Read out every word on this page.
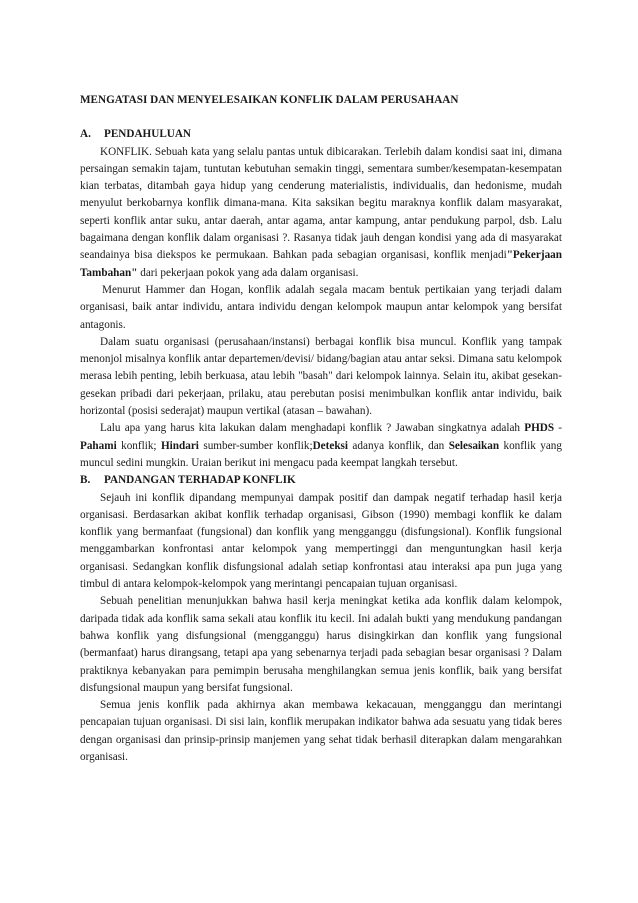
MENGATASI DAN MENYELESAIKAN KONFLIK DALAM PERUSAHAAN

A. PENDAHULUAN

KONFLIK. Sebuah kata yang selalu pantas untuk dibicarakan. Terlebih dalam kondisi saat ini, dimana persaingan semakin tajam, tuntutan kebutuhan semakin tinggi, sementara sumber/kesempatan-kesempatan kian terbatas, ditambah gaya hidup yang cenderung materialistis, individualis, dan hedonisme, mudah menyulut berkobarnya konflik dimana-mana. Kita saksikan begitu maraknya konflik dalam masyarakat, seperti konflik antar suku, antar daerah, antar agama, antar kampung, antar pendukung parpol, dsb. Lalu bagaimana dengan konflik dalam organisasi ?. Rasanya tidak jauh dengan kondisi yang ada di masyarakat seandainya bisa diekspos ke permukaan. Bahkan pada sebagian organisasi, konflik menjadi"Pekerjaan Tambahan" dari pekerjaan pokok yang ada dalam organisasi.

Menurut Hammer dan Hogan, konflik adalah segala macam bentuk pertikaian yang terjadi dalam organisasi, baik antar individu, antara individu dengan kelompok maupun antar kelompok yang bersifat antagonis.

Dalam suatu organisasi (perusahaan/instansi) berbagai konflik bisa muncul. Konflik yang tampak menonjol misalnya konflik antar departemen/devisi/ bidang/bagian atau antar seksi. Dimana satu kelompok merasa lebih penting, lebih berkuasa, atau lebih "basah" dari kelompok lainnya. Selain itu, akibat gesekan-gesekan pribadi dari pekerjaan, prilaku, atau perebutan posisi menimbulkan konflik antar individu, baik horizontal (posisi sederajat) maupun vertikal (atasan – bawahan).

Lalu apa yang harus kita lakukan dalam menghadapi konflik ? Jawaban singkatnya adalah PHDS - Pahami konflik; Hindari sumber-sumber konflik;Deteksi adanya konflik, dan Selesaikan konflik yang muncul sedini mungkin. Uraian berikut ini mengacu pada keempat langkah tersebut.

B. PANDANGAN TERHADAP KONFLIK

Sejauh ini konflik dipandang mempunyai dampak positif dan dampak negatif terhadap hasil kerja organisasi. Berdasarkan akibat konflik terhadap organisasi, Gibson (1990) membagi konflik ke dalam konflik yang bermanfaat (fungsional) dan konflik yang mengganggu (disfungsional). Konflik fungsional menggambarkan konfrontasi antar kelompok yang mempertinggi dan menguntungkan hasil kerja organisasi. Sedangkan konflik disfungsional adalah setiap konfrontasi atau interaksi apa pun juga yang timbul di antara kelompok-kelompok yang merintangi pencapaian tujuan organisasi.

Sebuah penelitian menunjukkan bahwa hasil kerja meningkat ketika ada konflik dalam kelompok, daripada tidak ada konflik sama sekali atau konflik itu kecil. Ini adalah bukti yang mendukung pandangan bahwa konflik yang disfungsional (mengganggu) harus disingkirkan dan konflik yang fungsional (bermanfaat) harus dirangsang, tetapi apa yang sebenarnya terjadi pada sebagian besar organisasi ? Dalam praktiknya kebanyakan para pemimpin berusaha menghilangkan semua jenis konflik, baik yang bersifat disfungsional maupun yang bersifat fungsional.

Semua jenis konflik pada akhirnya akan membawa kekacauan, mengganggu dan merintangi pencapaian tujuan organisasi. Di sisi lain, konflik merupakan indikator bahwa ada sesuatu yang tidak beres dengan organisasi dan prinsip-prinsip manjemen yang sehat tidak berhasil diterapkan dalam mengarahkan organisasi.
